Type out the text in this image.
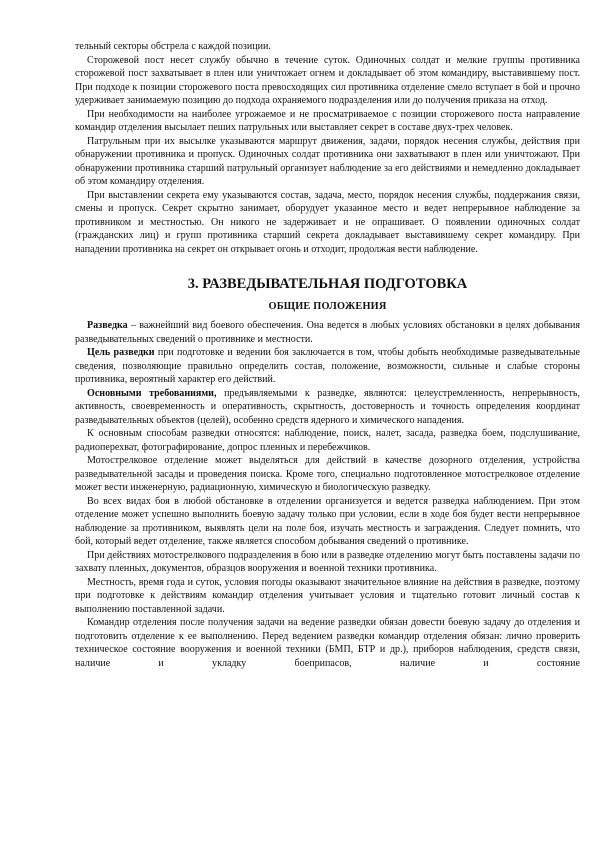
тельный секторы обстрела с каждой позиции.

Сторожевой пост несет службу обычно в течение суток. Одиночных солдат и мелкие группы противника сторожевой пост захватывает в плен или уничтожает огнем и докладывает об этом командиру, выставившему пост. При подходе к позиции сторожевого поста превосходящих сил противника отделение смело вступает в бой и прочно удерживает занимаемую позицию до подхода охраняемого подразделения или до получения приказа на отход.

При необходимости на наиболее угрожаемое и не просматриваемое с позиции сторожевого поста направление командир отделения высылает пеших патрульных или выставляет секрет в составе двух-трех человек.

Патрульным при их высылке указываются маршрут движения, задачи, порядок несения службы, действия при обнаружении противника и пропуск. Одиночных солдат противника они захватывают в плен или уничтожают. При обнаружении противника старший патрульный организует наблюдение за его действиями и немедленно докладывает об этом командиру отделения.

При выставлении секрета ему указываются состав, задача, место, порядок несения службы, поддержания связи, смены и пропуск. Секрет скрытно занимает, оборудует указанное место и ведет непрерывное наблюдение за противником и местностью. Он никого не задерживает и не опрашивает. О появлении одиночных солдат (гражданских лиц) и групп противника старший секрета докладывает выставившему секрет командиру. При нападении противника на секрет он открывает огонь и отходит, продолжая вести наблюдение.

3. РАЗВЕДЫВАТЕЛЬНАЯ ПОДГОТОВКА
ОБЩИЕ ПОЛОЖЕНИЯ

Разведка – важнейший вид боевого обеспечения. Она ведется в любых условиях обстановки в целях добывания разведывательных сведений о противнике и местности.

Цель разведки при подготовке и ведении боя заключается в том, чтобы добыть необходимые разведывательные сведения, позволяющие правильно определить состав, положение, возможности, сильные и слабые стороны противника, вероятный характер его действий.

Основными требованиями, предъявляемыми к разведке, являются: целеустремленность, непрерывность, активность, своевременность и оперативность, скрытность, достоверность и точность определения координат разведывательных объектов (целей), особенно средств ядерного и химического нападения.

К основным способам разведки относятся: наблюдение, поиск, налет, засада, разведка боем, подслушивание, радиоперехват, фотографирование, допрос пленных и перебежчиков.

Мотострелковое отделение может выделяться для действий в качестве дозорного отделения, устройства разведывательной засады и проведения поиска. Кроме того, специально подготовленное мотострелковое отделение может вести инженерную, радиационную, химическую и биологическую разведку.

Во всех видах боя в любой обстановке в отделении организуется и ведется разведка наблюдением. При этом отделение может успешно выполнить боевую задачу только при условии, если в ходе боя будет вести непрерывное наблюдение за противником, выявлять цели на поле боя, изучать местность и заграждения. Следует помнить, что бой, который ведет отделение, также является способом добывания сведений о противнике.

При действиях мотострелкового подразделения в бою или в разведке отделению могут быть поставлены задачи по захвату пленных, документов, образцов вооружения и военной техники противника.

Местность, время года и суток, условия погоды оказывают значительное влияние на действия в разведке, поэтому при подготовке к действиям командир отделения учитывает условия и тщательно готовит личный состав к выполнению поставленной задачи.

Командир отделения после получения задачи на ведение разведки обязан довести боевую задачу до отделения и подготовить отделение к ее выполнению. Перед ведением разведки командир отделения обязан: лично проверить техническое состояние вооружения и военной техники (БМП, БТР и др.), приборов наблюдения, средств связи, наличие и укладку боеприпасов, наличие и состояние
